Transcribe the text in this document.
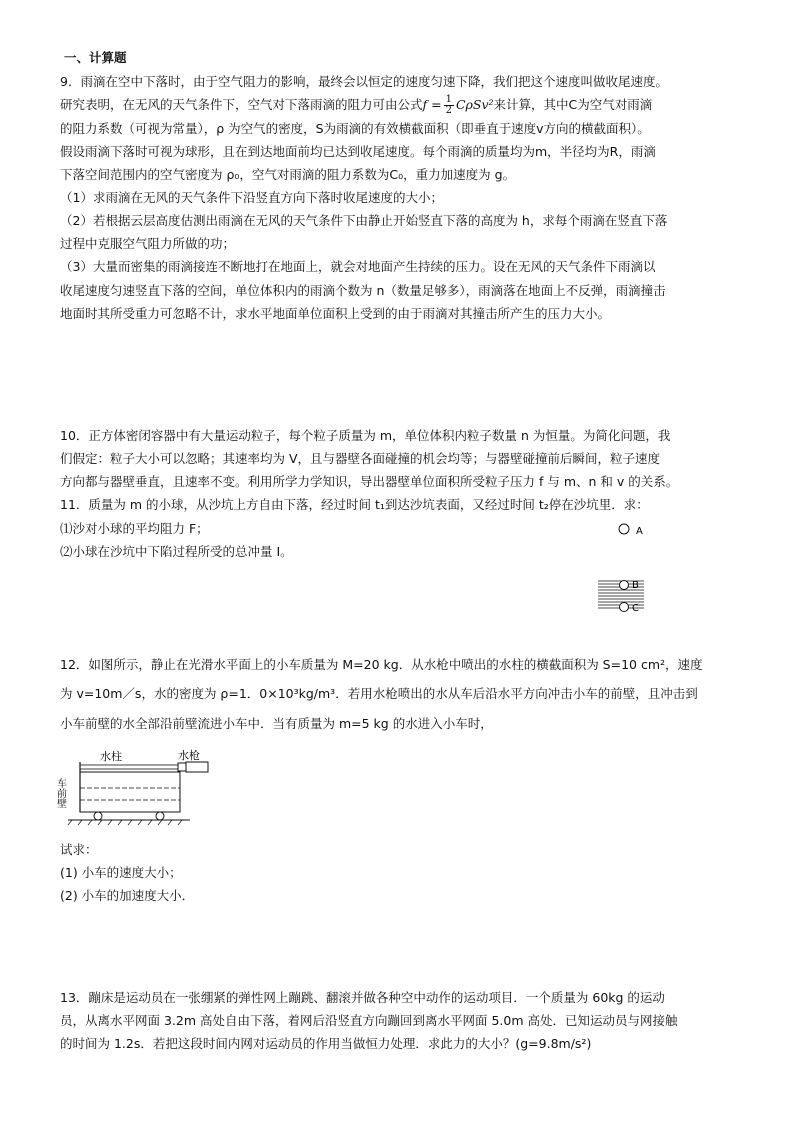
一、计算题

9．雨滴在空中下落时，由于空气阻力的影响，最终会以恒定的速度匀速下降，我们把这个速度叫做收尾速度。

研究表明，在无风的天气条件下，空气对下落雨滴的阻力可由公式$f = \frac{1}{2} C\rho Sv^2$来计算，其中C为空气对雨滴

的阻力系数（可视为常量），ρ 为空气的密度，S为雨滴的有效横截面积（即垂直于速度v方向的横截面积）。

假设雨滴下落时可视为球形，且在到达地面前均已达到收尾速度。每个雨滴的质量均为m，半径均为R，雨滴

下落空间范围内的空气密度为 ρ₀，空气对雨滴的阻力系数为C₀，重力加速度为 g。

（1）求雨滴在无风的天气条件下沿竖直方向下落时收尾速度的大小；

（2）若根据云层高度估测出雨滴在无风的天气条件下由静止开始竖直下落的高度为 h，求每个雨滴在竖直下落

过程中克服空气阻力所做的功；

（3）大量而密集的雨滴接连不断地打在地面上，就会对地面产生持续的压力。设在无风的天气条件下雨滴以

收尾速度匀速竖直下落的空间，单位体积内的雨滴个数为 n（数量足够多），雨滴落在地面上不反弹，雨滴撞击

地面时其所受重力可忽略不计，求水平地面单位面积上受到的由于雨滴对其撞击所产生的压力大小。

10．正方体密闭容器中有大量运动粒子，每个粒子质量为 m，单位体积内粒子数量 n 为恒量。为简化问题，我

们假定：粒子大小可以忽略；其速率均为 V，且与器壁各面碰撞的机会均等；与器壁碰撞前后瞬间，粒子速度

方向都与器壁垂直，且速率不变。利用所学力学知识，导出器壁单位面积所受粒子压力 f 与 m、n 和 v 的关系。

11．质量为 m 的小球，从沙坑上方自由下落，经过时间 t₁到达沙坑表面，又经过时间 t₂停在沙坑里．求：

⑴沙对小球的平均阻力 F；

⑵小球在沙坑中下陷过程所受的总冲量 I。

A
B
C

12．如图所示，静止在光滑水平面上的小车质量为 M=20 kg．从水枪中喷出的水柱的横截面积为 S=10 cm²，速度

为 v=10m／s，水的密度为 ρ=1．0×10³kg/m³．若用水枪喷出的水从车后沿水平方向冲击小车的前壁，且冲击到

小车前壁的水全部沿前壁流进小车中．当有质量为 m=5 kg 的水进入小车时，

水柱	水枪
车前壁

试求：

(1) 小车的速度大小；

(2) 小车的加速度大小．

13．蹦床是运动员在一张绷紧的弹性网上蹦跳、翻滚并做各种空中动作的运动项目．一个质量为 60kg 的运动

员，从离水平网面 3.2m 高处自由下落，着网后沿竖直方向蹦回到离水平网面 5.0m 高处．已知运动员与网接触

的时间为 1.2s．若把这段时间内网对运动员的作用当做恒力处理．求此力的大小？(g=9.8m/s²)
